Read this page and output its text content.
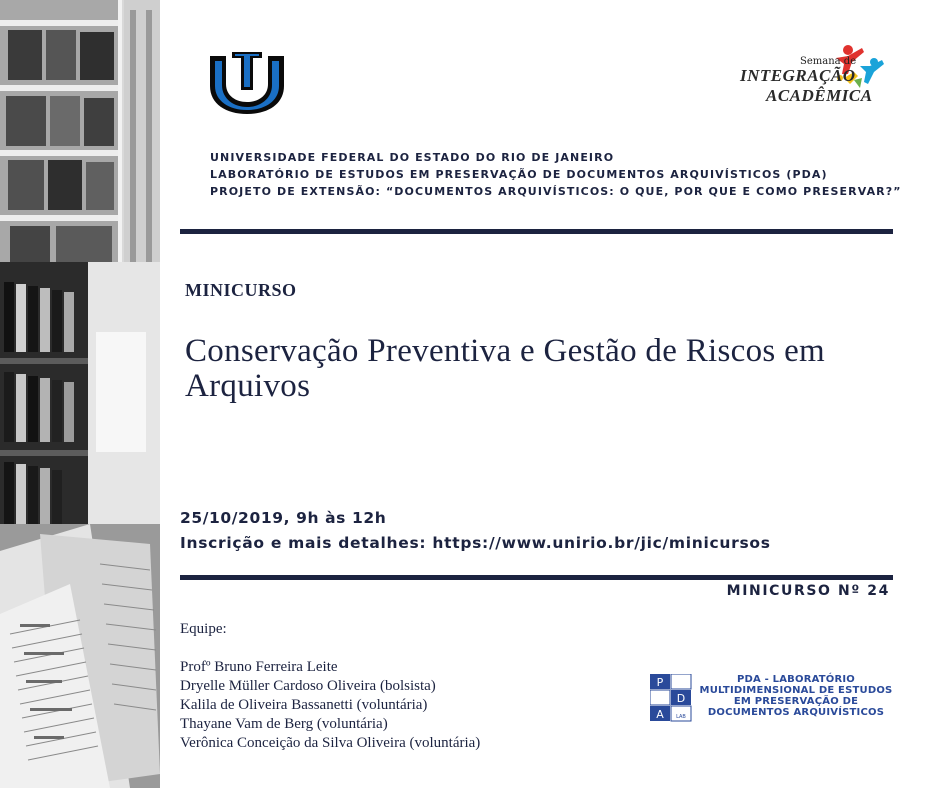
Semana de
INTEGRAÇÃO
ACADÊMICA
UNIVERSIDADE FEDERAL DO ESTADO DO RIO DE JANEIRO
LABORATÓRIO DE ESTUDOS EM PRESERVAÇÃO DE DOCUMENTOS ARQUIVÍSTICOS (PDA)
PROJETO DE EXTENSÃO: “DOCUMENTOS ARQUIVÍSTICOS: O QUE, POR QUE E COMO PRESERVAR?”
MINICURSO
Conservação Preventiva e Gestão de Riscos em Arquivos
25/10/2019, 9h às 12h
Inscrição e mais detalhes: https://www.unirio.br/jic/minicursos
MINICURSO Nº 24
Equipe:
Profº Bruno Ferreira Leite
Dryelle Müller Cardoso Oliveira (bolsista)
Kalila de Oliveira Bassanetti (voluntária)
Thayane Vam de Berg (voluntária)
Verônica Conceição da Silva Oliveira (voluntária)
P
D
A LAB
PDA - LABORATÓRIO
MULTIDIMENSIONAL DE ESTUDOS
EM PRESERVAÇÃO DE
DOCUMENTOS ARQUIVÍSTICOS
